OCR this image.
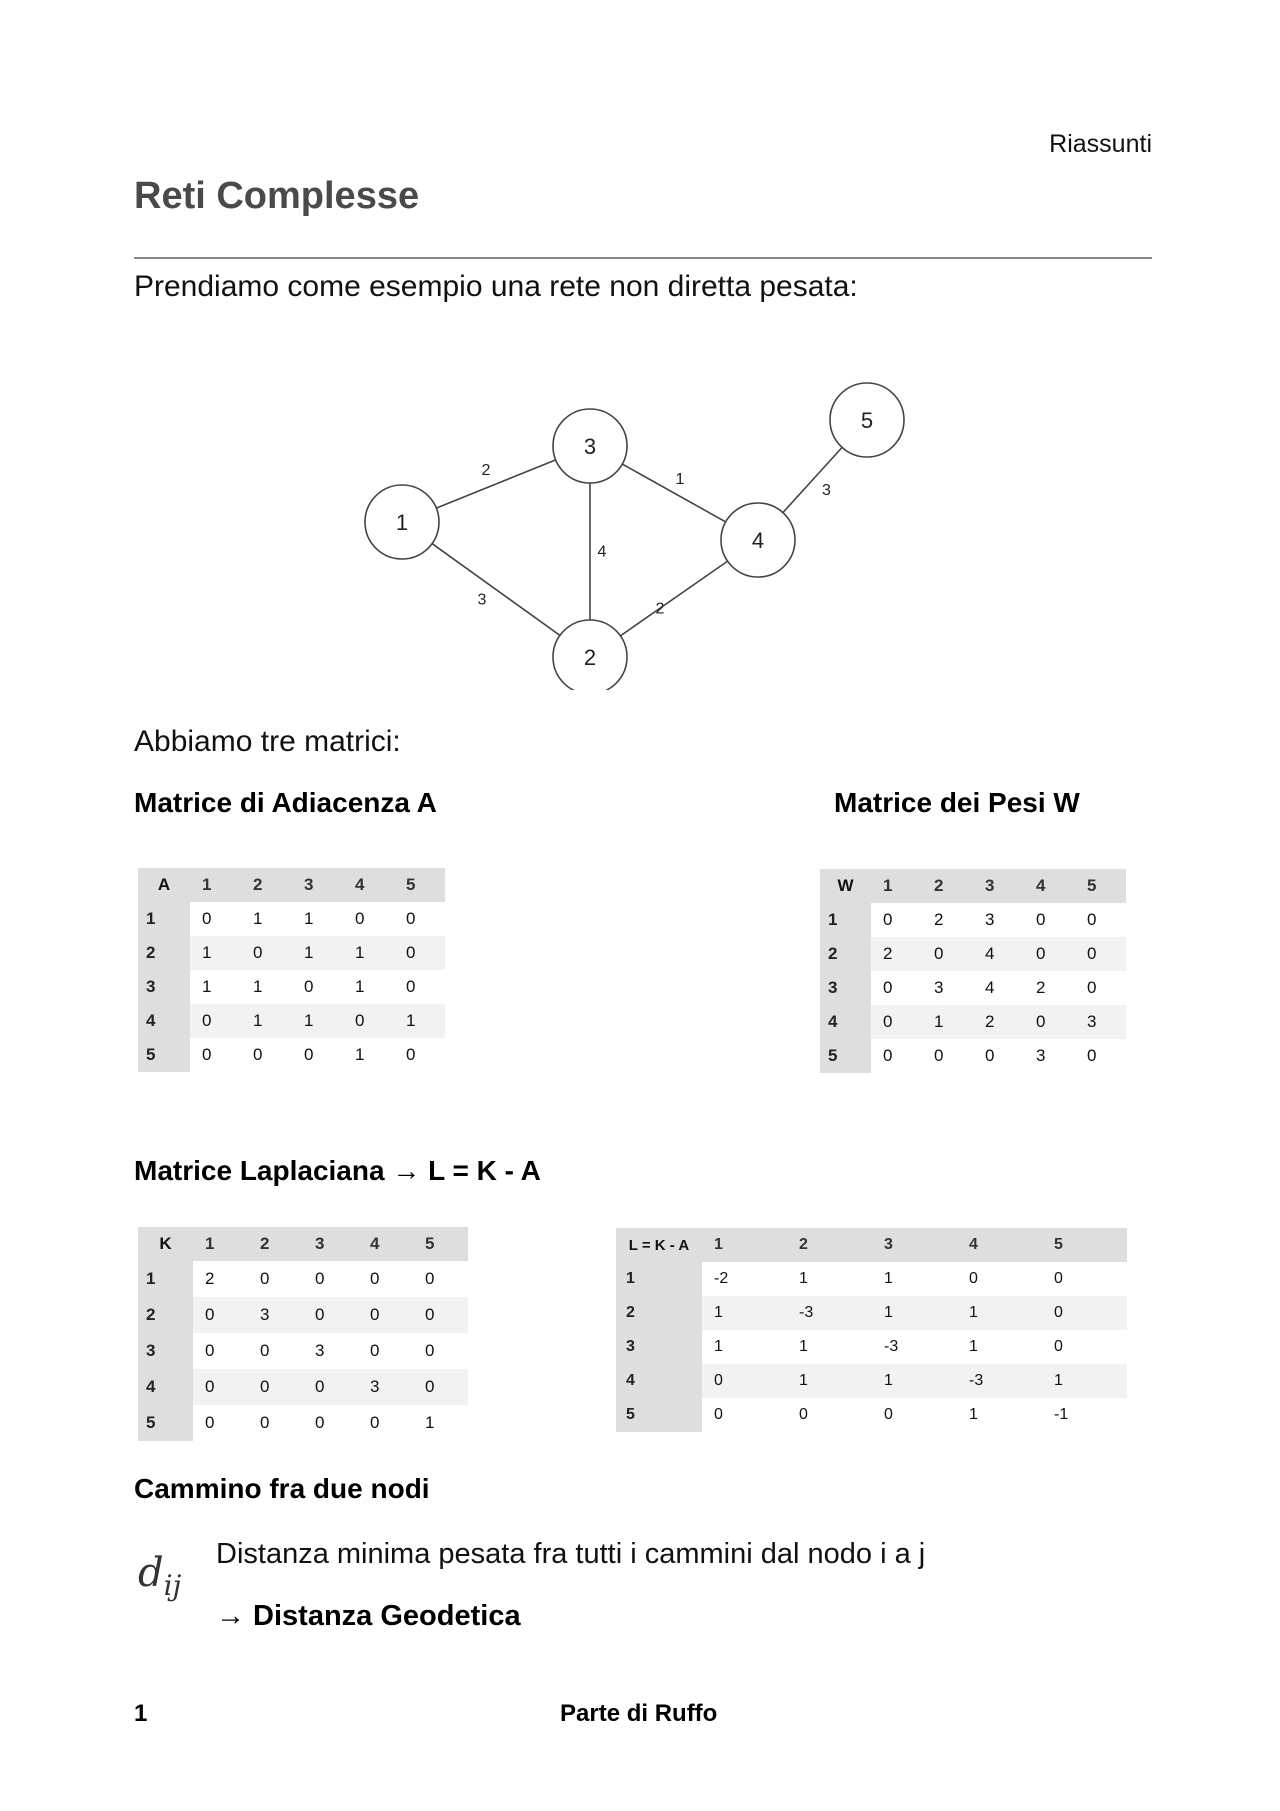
Riassunti
Reti Complesse
Prendiamo come esempio una rete non diretta pesata:
2
3
4
1
2
3
1
2
3
4
5
Abbiamo tre matrici:
Matrice di Adiacenza A	Matrice dei Pesi W
A	1	2	3	4	5
1	0	1	1	0	0
2	1	0	1	1	0
3	1	1	0	1	0
4	0	1	1	0	1
5	0	0	0	1	0
W	1	2	3	4	5
1	0	2	3	0	0
2	2	0	4	0	0
3	0	3	4	2	0
4	0	1	2	0	3
5	0	0	0	3	0
Matrice Laplaciana → L = K - A
K	1	2	3	4	5
1	2	0	0	0	0
2	0	3	0	0	0
3	0	0	3	0	0
4	0	0	0	3	0
5	0	0	0	0	1
L = K - A	1	2	3	4	5
1	-2	1	1	0	0
2	1	-3	1	1	0
3	1	1	-3	1	0
4	0	1	1	-3	1
5	0	0	0	1	-1
Cammino fra due nodi
$d_{ij}$
Distanza minima pesata fra tutti i cammini dal nodo i a j
→ Distanza Geodetica
1	Parte di Ruffo
